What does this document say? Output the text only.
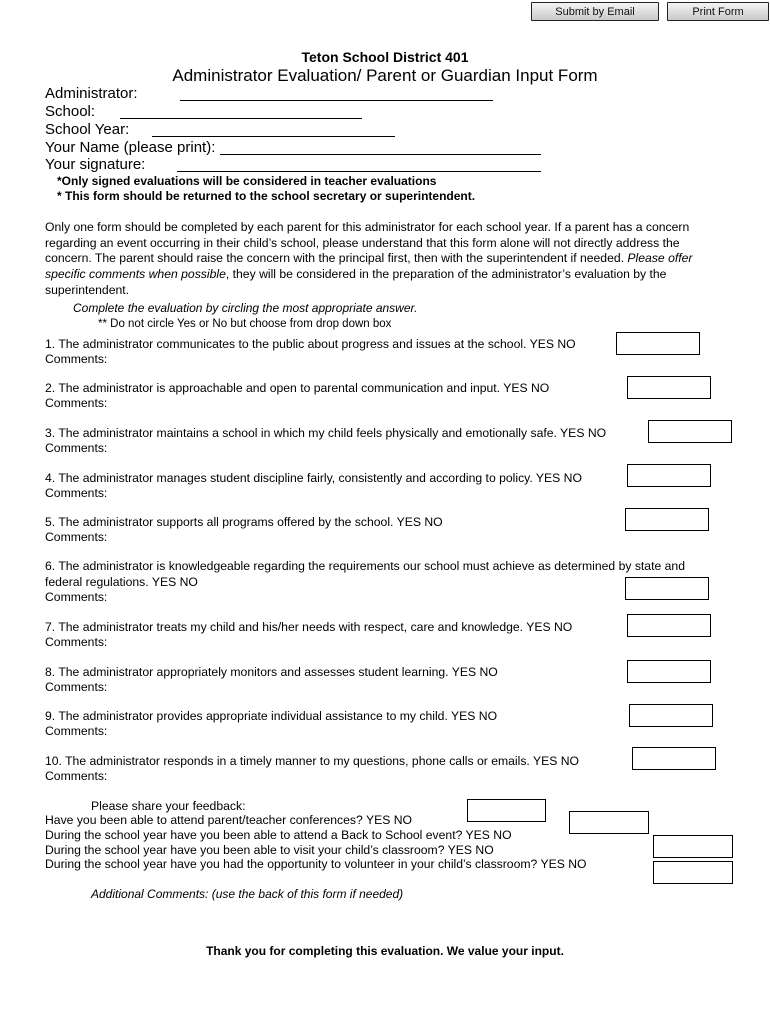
Submit by Email	Print Form
Teton School District 401
Administrator Evaluation/ Parent or Guardian Input Form
Administrator:
School:
School Year:
Your Name (please print):
Your signature:
*Only signed evaluations will be considered in teacher evaluations
* This form should be returned to the school secretary or superintendent.
Only one form should be completed by each parent for this administrator for each school year. If a parent has a concern regarding an event occurring in their child’s school, please understand that this form alone will not directly address the concern. The parent should raise the concern with the principal first, then with the superintendent if needed. Please offer specific comments when possible, they will be considered in the preparation of the administrator’s evaluation by the superintendent.
Complete the evaluation by circling the most appropriate answer.
** Do not circle Yes or No but choose from drop down box
1. The administrator communicates to the public about progress and issues at the school. YES NO
Comments:
2. The administrator is approachable and open to parental communication and input. YES NO
Comments:
3. The administrator maintains a school in which my child feels physically and emotionally safe. YES NO
Comments:
4. The administrator manages student discipline fairly, consistently and according to policy. YES NO
Comments:
5. The administrator supports all programs offered by the school. YES NO
Comments:
6. The administrator is knowledgeable regarding the requirements our school must achieve as determined by state and
federal regulations. YES NO
Comments:
7. The administrator treats my child and his/her needs with respect, care and knowledge. YES NO
Comments:
8. The administrator appropriately monitors and assesses student learning. YES NO
Comments:
9. The administrator provides appropriate individual assistance to my child. YES NO
Comments:
10. The administrator responds in a timely manner to my questions, phone calls or emails. YES NO
Comments:
Please share your feedback:
Have you been able to attend parent/teacher conferences? YES NO
During the school year have you been able to attend a Back to School event? YES NO
During the school year have you been able to visit your child’s classroom? YES NO
During the school year have you had the opportunity to volunteer in your child’s classroom? YES NO
Additional Comments: (use the back of this form if needed)
Thank you for completing this evaluation. We value your input.
